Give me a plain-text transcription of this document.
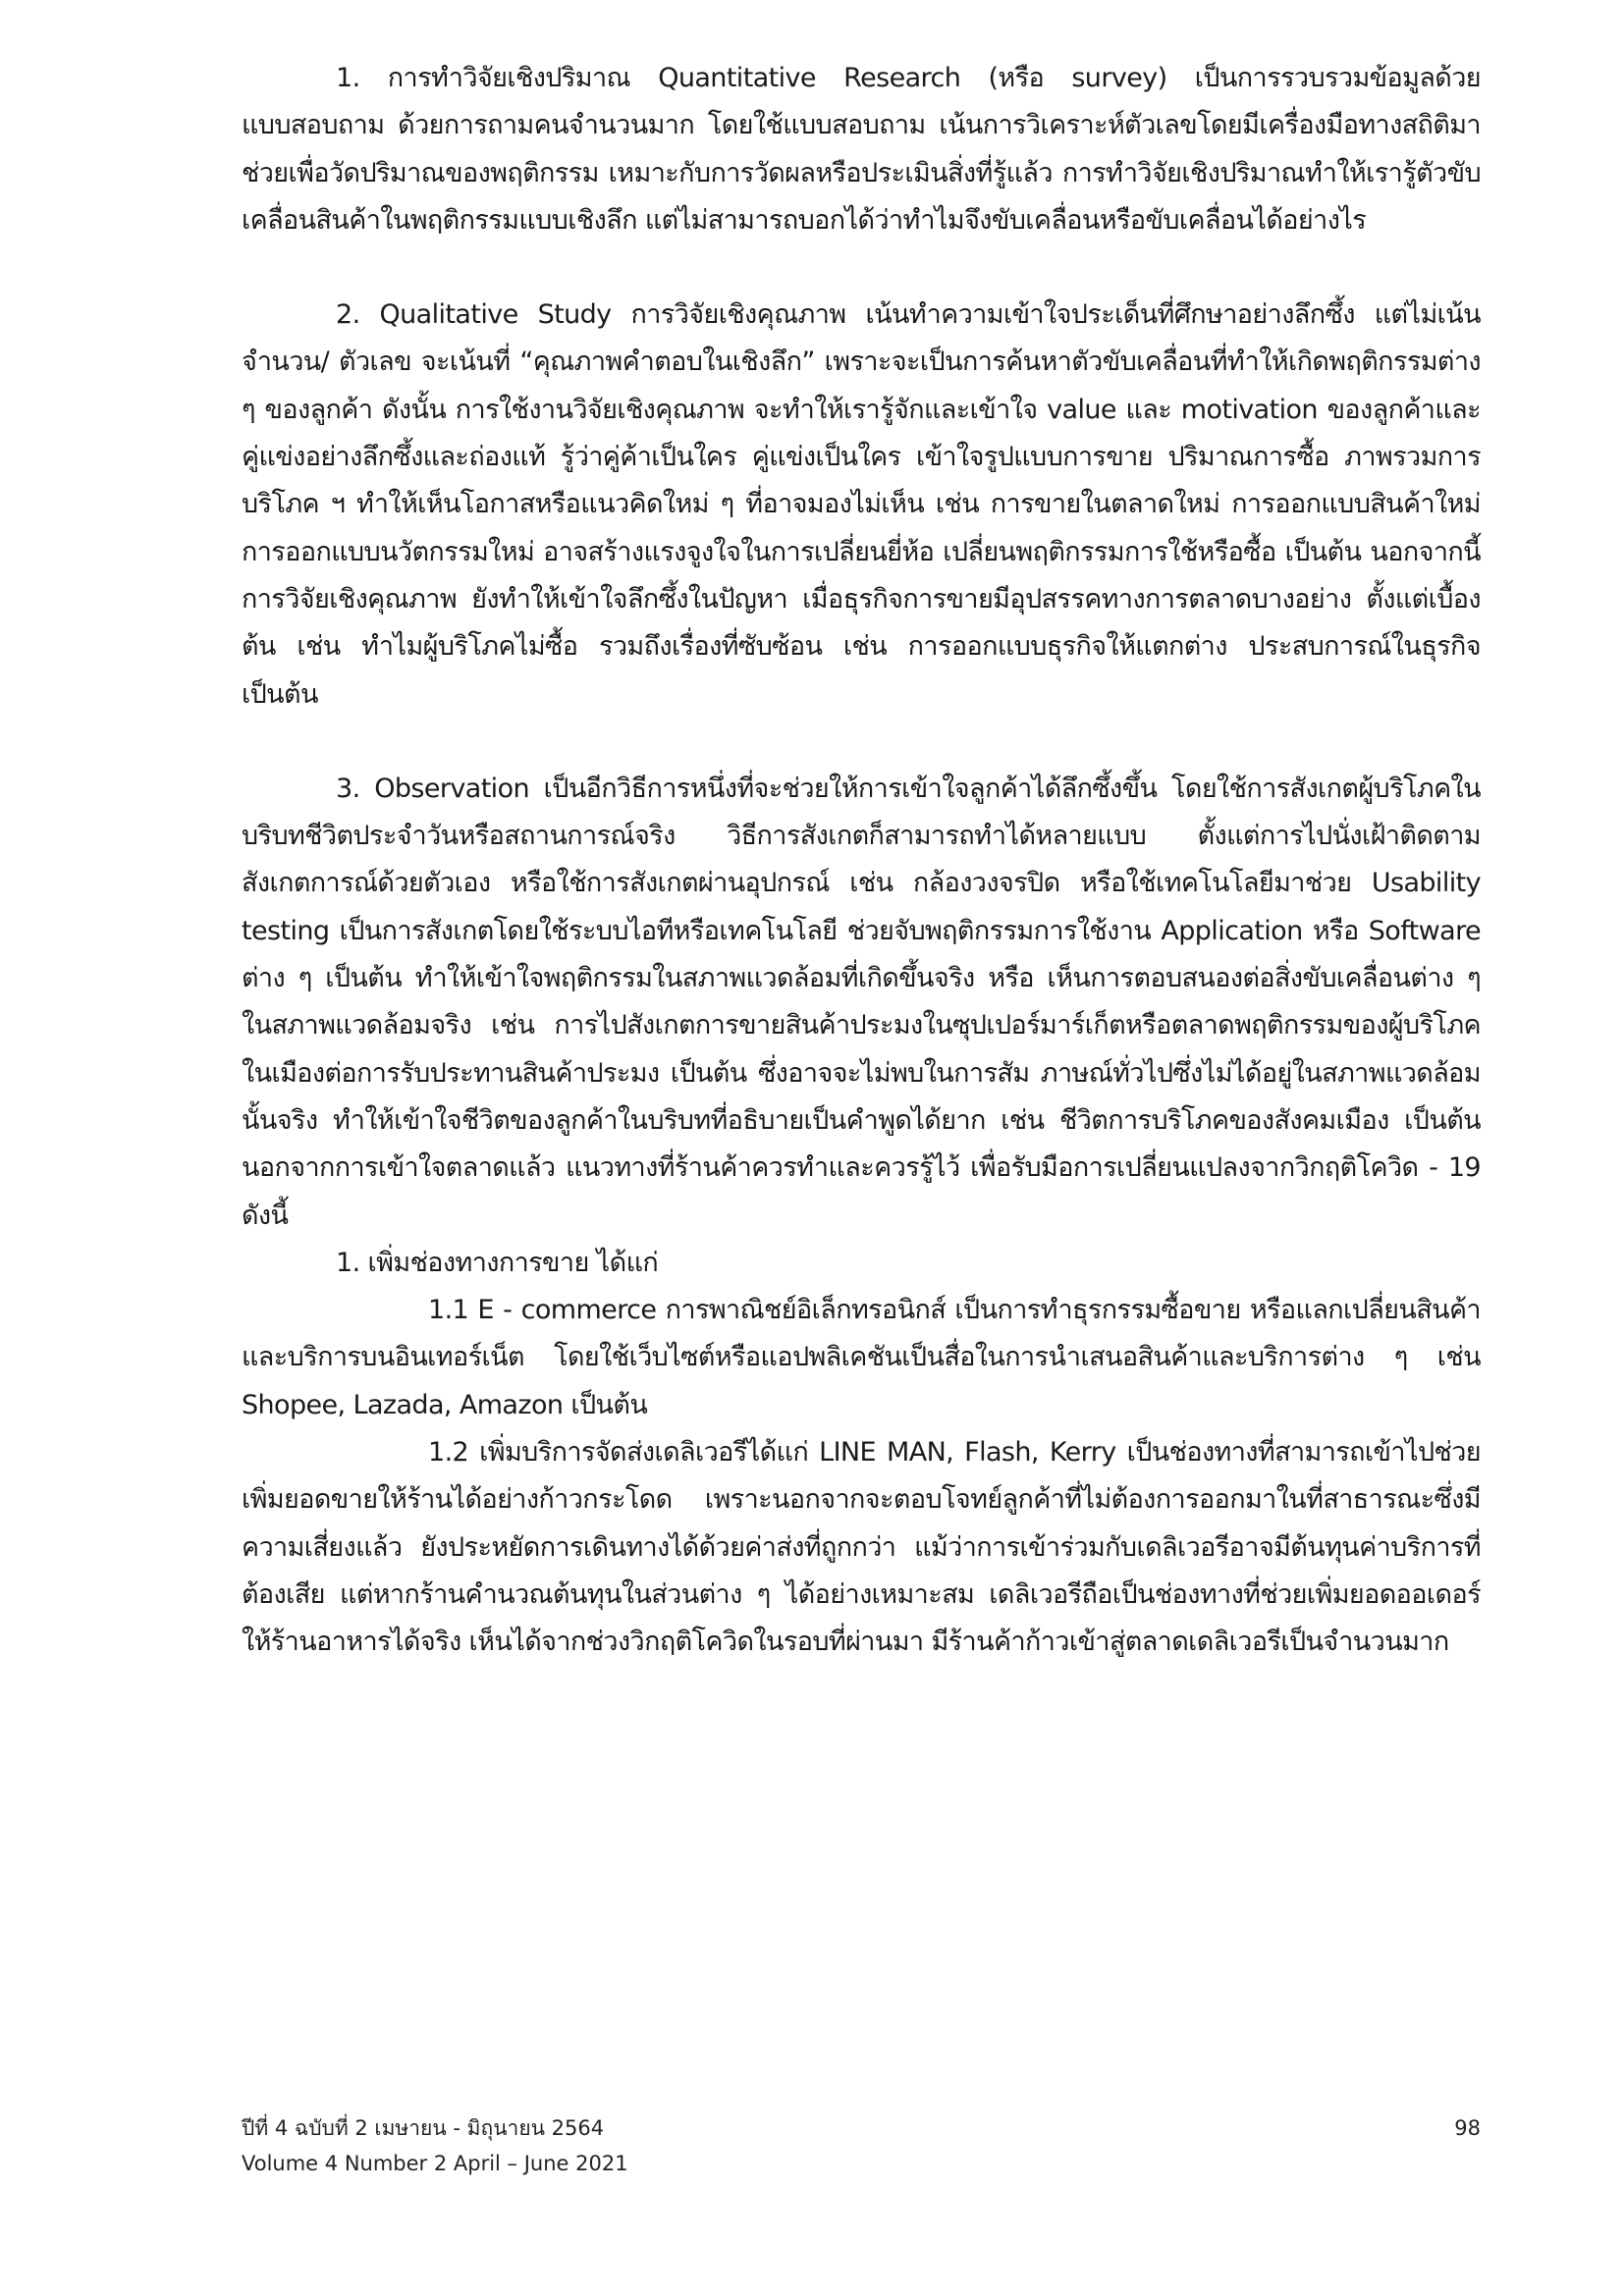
1. การทำวิจัยเชิงปริมาณ Quantitative Research (หรือ survey) เป็นการรวบรวมข้อมูลด้วยแบบสอบถาม ด้วยการถามคนจำนวนมาก โดยใช้แบบสอบถาม เน้นการวิเคราะห์ตัวเลขโดยมีเครื่องมือทางสถิติมาช่วยเพื่อวัดปริมาณของพฤติกรรม เหมาะกับการวัดผลหรือประเมินสิ่งที่รู้แล้ว การทำวิจัยเชิงปริมาณทำให้เรารู้ตัวขับเคลื่อนสินค้าในพฤติกรรมแบบเชิงลึก แต่ไม่สามารถบอกได้ว่าทำไมจึงขับเคลื่อนหรือขับเคลื่อนได้อย่างไร

2. Qualitative Study การวิจัยเชิงคุณภาพ เน้นทำความเข้าใจประเด็นที่ศึกษาอย่างลึกซึ้ง แต่ไม่เน้นจำนวน/ ตัวเลข จะเน้นที่ “คุณภาพคำตอบในเชิงลึก” เพราะจะเป็นการค้นหาตัวขับเคลื่อนที่ทำให้เกิดพฤติกรรมต่าง ๆ ของลูกค้า ดังนั้น การใช้งานวิจัยเชิงคุณภาพ จะทำให้เรารู้จักและเข้าใจ value และ motivation ของลูกค้าและคู่แข่งอย่างลึกซึ้งและถ่องแท้ รู้ว่าคู่ค้าเป็นใคร คู่แข่งเป็นใคร เข้าใจรูปแบบการขาย ปริมาณการซื้อ ภาพรวมการบริโภค ฯ ทำให้เห็นโอกาสหรือแนวคิดใหม่ ๆ ที่อาจมองไม่เห็น เช่น การขายในตลาดใหม่ การออกแบบสินค้าใหม่ การออกแบบนวัตกรรมใหม่ อาจสร้างแรงจูงใจในการเปลี่ยนยี่ห้อ เปลี่ยนพฤติกรรมการใช้หรือซื้อ เป็นต้น นอกจากนี้การวิจัยเชิงคุณภาพ ยังทำให้เข้าใจลึกซึ้งในปัญหา เมื่อธุรกิจการขายมีอุปสรรคทางการตลาดบางอย่าง ตั้งแต่เบื้องต้น เช่น ทำไมผู้บริโภคไม่ซื้อ รวมถึงเรื่องที่ซับซ้อน เช่น การออกแบบธุรกิจให้แตกต่าง ประสบการณ์ในธุรกิจ เป็นต้น

3. Observation เป็นอีกวิธีการหนึ่งที่จะช่วยให้การเข้าใจลูกค้าได้ลึกซึ้งขึ้น โดยใช้การสังเกตผู้บริโภคในบริบทชีวิตประจำวันหรือสถานการณ์จริง วิธีการสังเกตก็สามารถทำได้หลายแบบ ตั้งแต่การไปนั่งเฝ้าติดตามสังเกตการณ์ด้วยตัวเอง หรือใช้การสังเกตผ่านอุปกรณ์ เช่น กล้องวงจรปิด หรือใช้เทคโนโลยีมาช่วย Usability testing เป็นการสังเกตโดยใช้ระบบไอทีหรือเทคโนโลยี ช่วยจับพฤติกรรมการใช้งาน Application หรือ Software ต่าง ๆ เป็นต้น ทำให้เข้าใจพฤติกรรมในสภาพแวดล้อมที่เกิดขึ้นจริง หรือ เห็นการตอบสนองต่อสิ่งขับเคลื่อนต่าง ๆ ในสภาพแวดล้อมจริง เช่น การไปสังเกตการขายสินค้าประมงในซุปเปอร์มาร์เก็ตหรือตลาดพฤติกรรมของผู้บริโภคในเมืองต่อการรับประทานสินค้าประมง เป็นต้น ซึ่งอาจจะไม่พบในการสัม ภาษณ์ทั่วไปซึ่งไม่ได้อยู่ในสภาพแวดล้อมนั้นจริง ทำให้เข้าใจชีวิตของลูกค้าในบริบทที่อธิบายเป็นคำพูดได้ยาก เช่น ชีวิตการบริโภคของสังคมเมือง เป็นต้นนอกจากการเข้าใจตลาดแล้ว แนวทางที่ร้านค้าควรทำและควรรู้ไว้ เพื่อรับมือการเปลี่ยนแปลงจากวิกฤติโควิด - 19 ดังนี้

1. เพิ่มช่องทางการขาย ได้แก่

1.1 E - commerce การพาณิชย์อิเล็กทรอนิกส์ เป็นการทำธุรกรรมซื้อขาย หรือแลกเปลี่ยนสินค้าและบริการบนอินเทอร์เน็ต โดยใช้เว็บไซต์หรือแอปพลิเคชันเป็นสื่อในการนำเสนอสินค้าและบริการต่าง ๆ เช่น Shopee, Lazada, Amazon เป็นต้น

1.2 เพิ่มบริการจัดส่งเดลิเวอรีได้แก่ LINE MAN, Flash, Kerry เป็นช่องทางที่สามารถเข้าไปช่วยเพิ่มยอดขายให้ร้านได้อย่างก้าวกระโดด เพราะนอกจากจะตอบโจทย์ลูกค้าที่ไม่ต้องการออกมาในที่สาธารณะซึ่งมีความเสี่ยงแล้ว ยังประหยัดการเดินทางได้ด้วยค่าส่งที่ถูกกว่า แม้ว่าการเข้าร่วมกับเดลิเวอรีอาจมีต้นทุนค่าบริการที่ต้องเสีย แต่หากร้านคำนวณต้นทุนในส่วนต่าง ๆ ได้อย่างเหมาะสม เดลิเวอรีถือเป็นช่องทางที่ช่วยเพิ่มยอดออเดอร์ให้ร้านอาหารได้จริง เห็นได้จากช่วงวิกฤติโควิดในรอบที่ผ่านมา มีร้านค้าก้าวเข้าสู่ตลาดเดลิเวอรีเป็นจำนวนมาก

ปีที่ 4 ฉบับที่ 2 เมษายน - มิถุนายน 2564
Volume 4 Number 2 April – June 2021
98
